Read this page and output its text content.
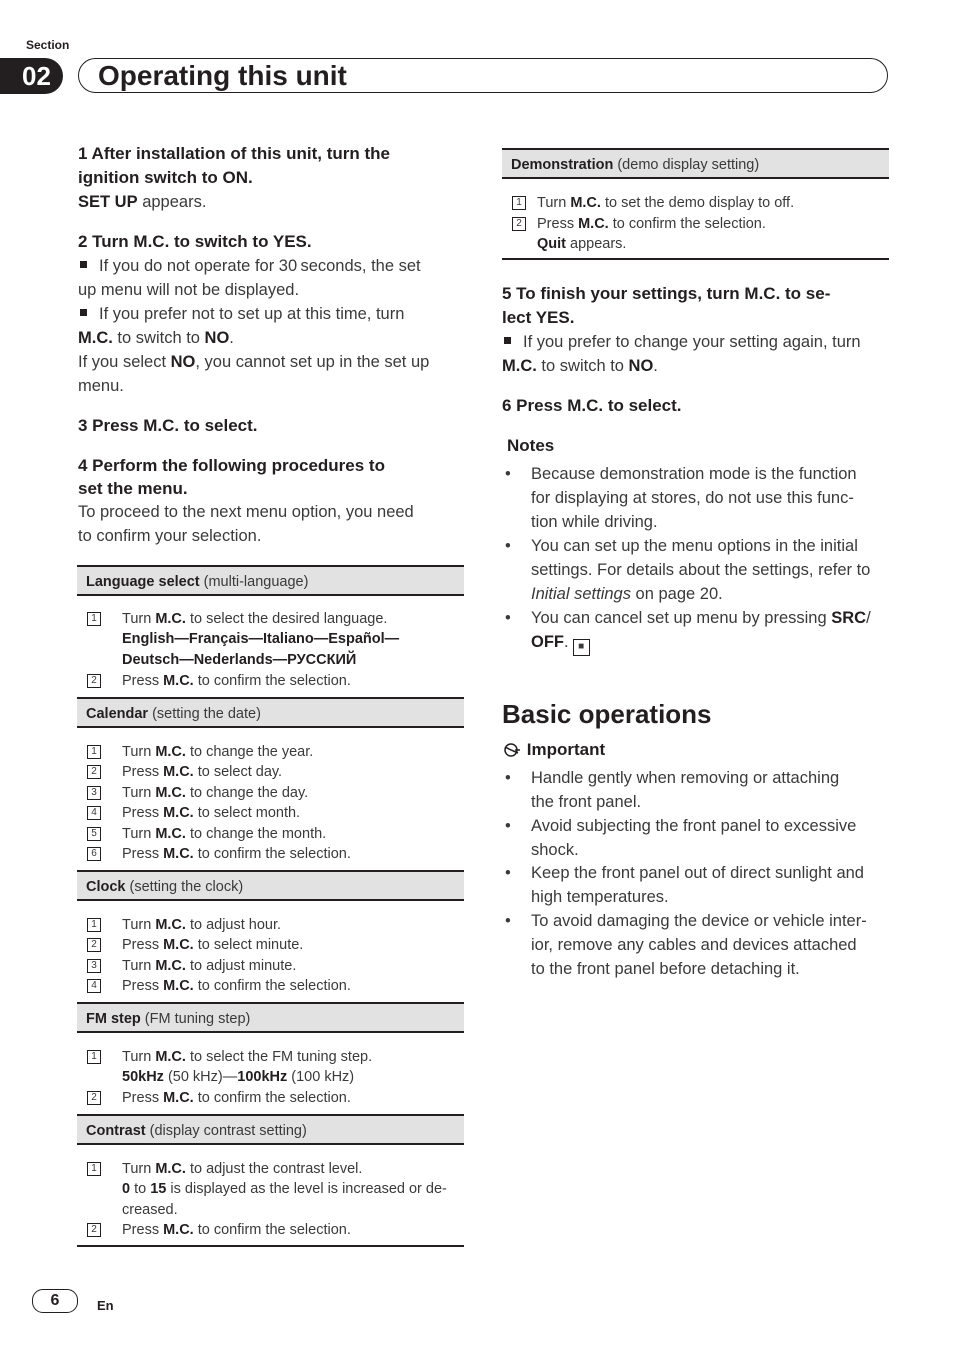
Section
02	Operating this unit
1 After installation of this unit, turn the
ignition switch to ON.
SET UP appears.
2 Turn M.C. to switch to YES.
If you do not operate for 30 seconds, the set
up menu will not be displayed.
If you prefer not to set up at this time, turn
M.C. to switch to NO.
If you select NO, you cannot set up in the set up
menu.
3 Press M.C. to select.
4 Perform the following procedures to
set the menu.
To proceed to the next menu option, you need
to confirm your selection.
Language select (multi-language)
1 Turn M.C. to select the desired language.
English—Français—Italiano—Español—
Deutsch—Nederlands—РУССКИЙ
2 Press M.C. to confirm the selection.
Calendar (setting the date)
1 Turn M.C. to change the year.
2 Press M.C. to select day.
3 Turn M.C. to change the day.
4 Press M.C. to select month.
5 Turn M.C. to change the month.
6 Press M.C. to confirm the selection.
Clock (setting the clock)
1 Turn M.C. to adjust hour.
2 Press M.C. to select minute.
3 Turn M.C. to adjust minute.
4 Press M.C. to confirm the selection.
FM step (FM tuning step)
1 Turn M.C. to select the FM tuning step.
50kHz (50 kHz)—100kHz (100 kHz)
2 Press M.C. to confirm the selection.
Contrast (display contrast setting)
1 Turn M.C. to adjust the contrast level.
0 to 15 is displayed as the level is increased or de-
creased.
2 Press M.C. to confirm the selection.
Demonstration (demo display setting)
1 Turn M.C. to set the demo display to off.
2 Press M.C. to confirm the selection.
Quit appears.
5 To finish your settings, turn M.C. to se-
lect YES.
If you prefer to change your setting again, turn
M.C. to switch to NO.
6 Press M.C. to select.
Notes
• Because demonstration mode is the function
for displaying at stores, do not use this func-
tion while driving.
• You can set up the menu options in the initial
settings. For details about the settings, refer to
Initial settings on page 20.
• You can cancel set up menu by pressing SRC/
OFF. ■
Basic operations
Important
• Handle gently when removing or attaching
the front panel.
• Avoid subjecting the front panel to excessive
shock.
• Keep the front panel out of direct sunlight and
high temperatures.
• To avoid damaging the device or vehicle inter-
ior, remove any cables and devices attached
to the front panel before detaching it.
6	En
